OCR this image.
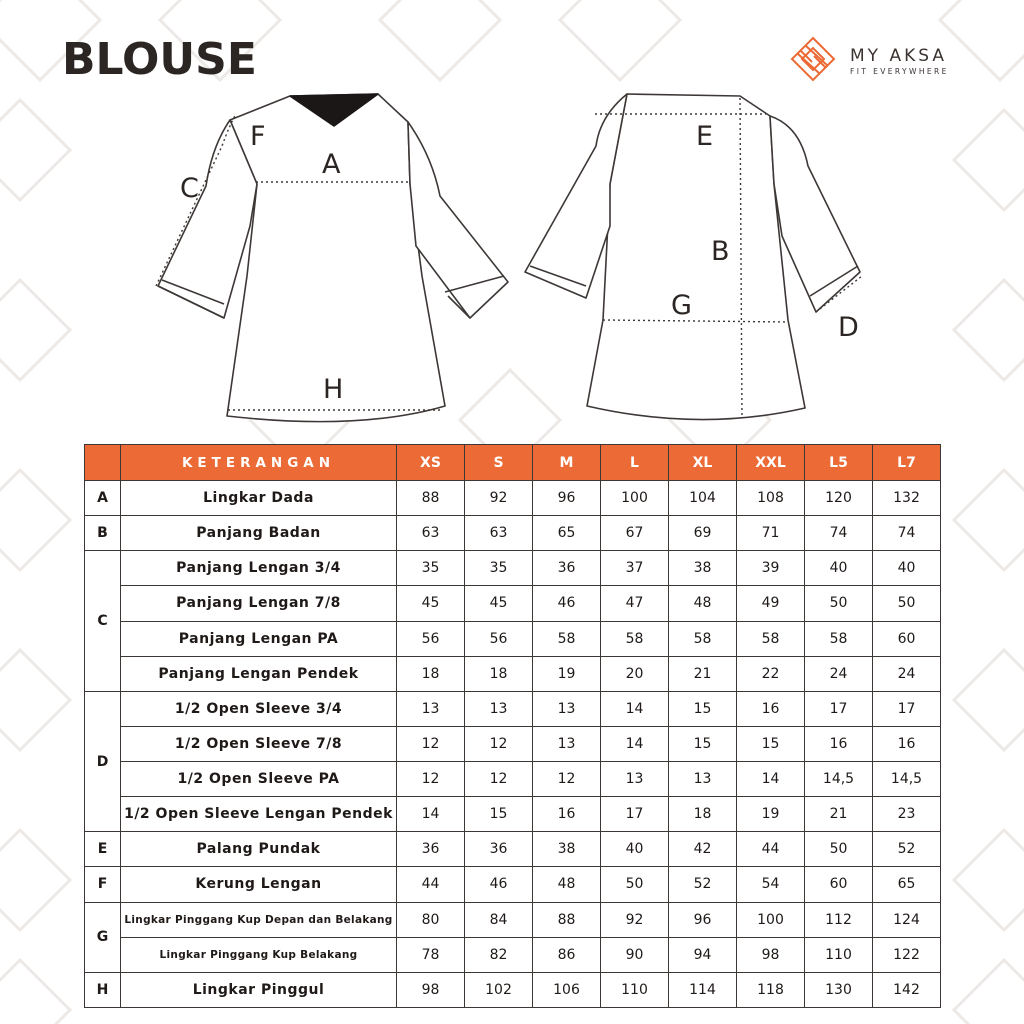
BLOUSE	MY AKSA
FIT EVERYWHERE
C
F
A
H
E
B
G
D
	KETERANGAN	XS	S	M	L	XL	XXL	L5	L7
A	Lingkar Dada	88	92	96	100	104	108	120	132
B	Panjang Badan	63	63	65	67	69	71	74	74
C	Panjang Lengan 3/4	35	35	36	37	38	39	40	40
	Panjang Lengan 7/8	45	45	46	47	48	49	50	50
	Panjang Lengan PA	56	56	58	58	58	58	58	60
	Panjang Lengan Pendek	18	18	19	20	21	22	24	24
D	1/2 Open Sleeve 3/4	13	13	13	14	15	16	17	17
	1/2 Open Sleeve 7/8	12	12	13	14	15	15	16	16
	1/2 Open Sleeve PA	12	12	12	13	13	14	14,5	14,5
	1/2 Open Sleeve Lengan Pendek	14	15	16	17	18	19	21	23
E	Palang Pundak	36	36	38	40	42	44	50	52
F	Kerung Lengan	44	46	48	50	52	54	60	65
G	Lingkar Pinggang Kup Depan dan Belakang	80	84	88	92	96	100	112	124
	Lingkar Pinggang Kup Belakang	78	82	86	90	94	98	110	122
H	Lingkar Pinggul	98	102	106	110	114	118	130	142
